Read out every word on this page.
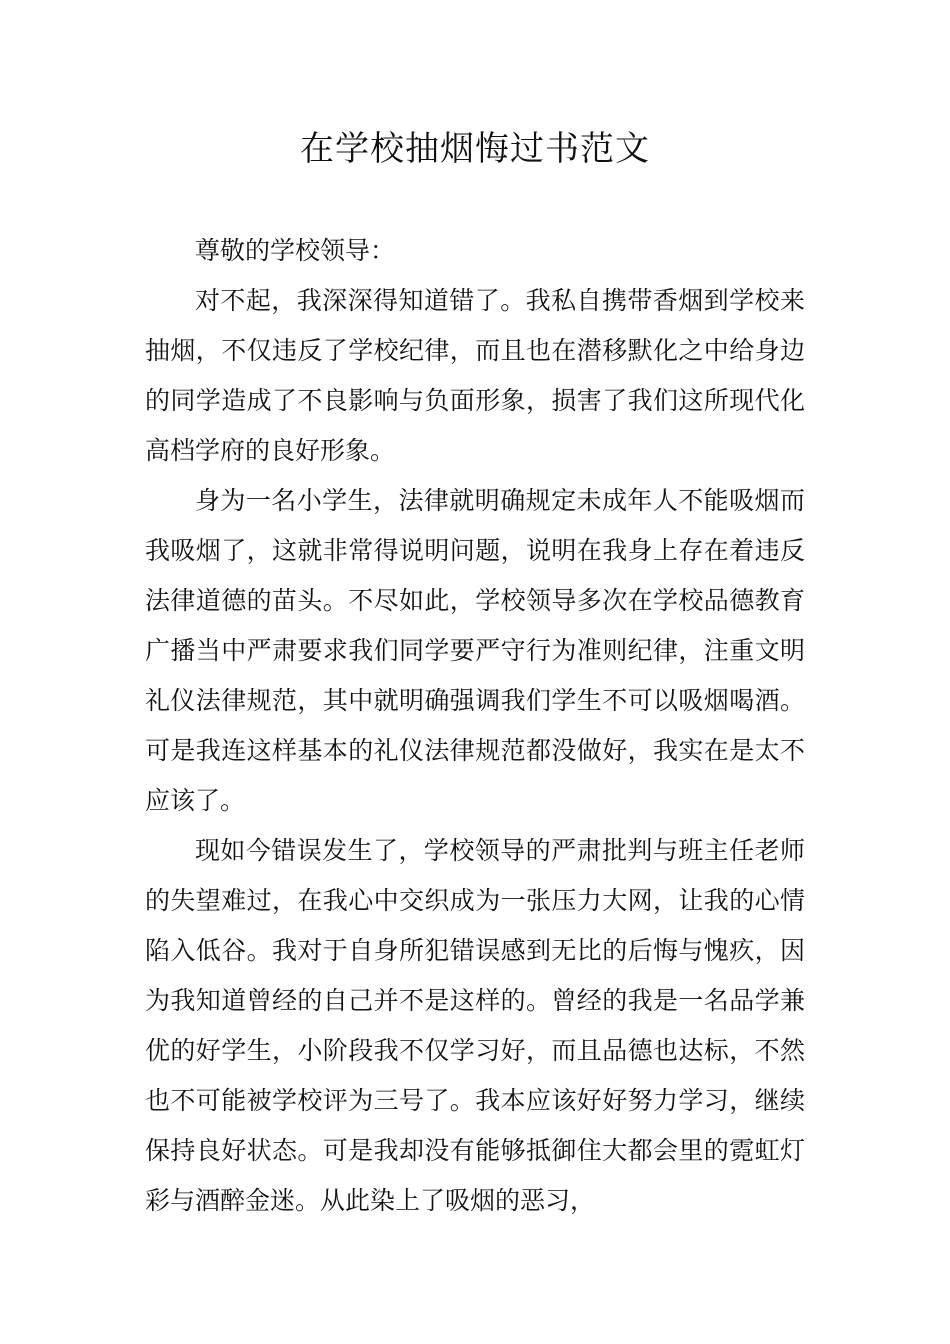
在学校抽烟悔过书范文

尊敬的学校领导：

对不起，我深深得知道错了。我私自携带香烟到学校来抽烟，不仅违反了学校纪律，而且也在潜移默化之中给身边的同学造成了不良影响与负面形象，损害了我们这所现代化高档学府的良好形象。

身为一名小学生，法律就明确规定未成年人不能吸烟而我吸烟了，这就非常得说明问题，说明在我身上存在着违反法律道德的苗头。不尽如此，学校领导多次在学校品德教育广播当中严肃要求我们同学要严守行为准则纪律，注重文明礼仪法律规范，其中就明确强调我们学生不可以吸烟喝酒。可是我连这样基本的礼仪法律规范都没做好，我实在是太不应该了。

现如今错误发生了，学校领导的严肃批判与班主任老师的失望难过，在我心中交织成为一张压力大网，让我的心情陷入低谷。我对于自身所犯错误感到无比的后悔与愧疚，因为我知道曾经的自己并不是这样的。曾经的我是一名品学兼优的好学生，小阶段我不仅学习好，而且品德也达标，不然也不可能被学校评为三号了。我本应该好好努力学习，继续保持良好状态。可是我却没有能够抵御住大都会里的霓虹灯彩与酒醉金迷。从此染上了吸烟的恶习，
